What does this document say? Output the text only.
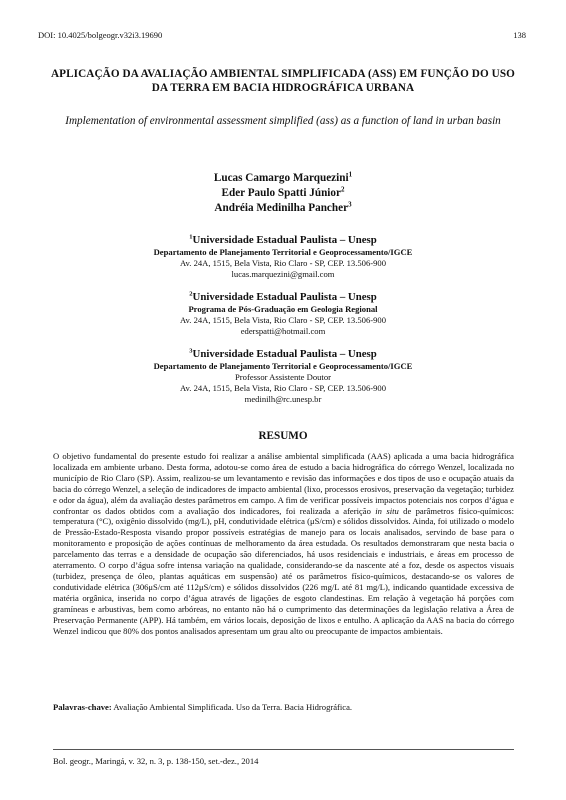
DOI: 10.4025/bolgeogr.v32i3.19690	138
APLICAÇÃO DA AVALIAÇÃO AMBIENTAL SIMPLIFICADA (ASS) EM FUNÇÃO DO USO DA TERRA EM BACIA HIDROGRÁFICA URBANA
Implementation of environmental assessment simplified (ass) as a function of land in urban basin
Lucas Camargo Marquezini$^1$
Eder Paulo Spatti Júnior$^2$
Andréia Medinilha Pancher$^3$
$^1$Universidade Estadual Paulista – Unesp
Departamento de Planejamento Territorial e Geoprocessamento/IGCE
Av. 24A, 1515, Bela Vista, Rio Claro - SP, CEP. 13.506-900
lucas.marquezini@gmail.com
$^2$Universidade Estadual Paulista – Unesp
Programa de Pós-Graduação em Geologia Regional
Av. 24A, 1515, Bela Vista, Rio Claro - SP, CEP. 13.506-900
ederspatti@hotmail.com
$^3$Universidade Estadual Paulista – Unesp
Departamento de Planejamento Territorial e Geoprocessamento/IGCE
Professor Assistente Doutor
Av. 24A, 1515, Bela Vista, Rio Claro - SP, CEP. 13.506-900
medinilh@rc.unesp.br
RESUMO
O objetivo fundamental do presente estudo foi realizar a análise ambiental simplificada (AAS) aplicada a uma bacia hidrográfica localizada em ambiente urbano. Desta forma, adotou-se como área de estudo a bacia hidrográfica do córrego Wenzel, localizada no município de Rio Claro (SP). Assim, realizou-se um levantamento e revisão das informações e dos tipos de uso e ocupação atuais da bacia do córrego Wenzel, a seleção de indicadores de impacto ambiental (lixo, processos erosivos, preservação da vegetação; turbidez e odor da água), além da avaliação destes parâmetros em campo. A fim de verificar possíveis impactos potenciais nos corpos d’água e confrontar os dados obtidos com a avaliação dos indicadores, foi realizada a aferição in situ de parâmetros físico-químicos: temperatura (°C), oxigênio dissolvido (mg/L), pH, condutividade elétrica (μS/cm) e sólidos dissolvidos. Ainda, foi utilizado o modelo de Pressão-Estado-Resposta visando propor possíveis estratégias de manejo para os locais analisados, servindo de base para o monitoramento e proposição de ações contínuas de melhoramento da área estudada. Os resultados demonstraram que nesta bacia o parcelamento das terras e a densidade de ocupação são diferenciados, há usos residenciais e industriais, e áreas em processo de aterramento. O corpo d’água sofre intensa variação na qualidade, considerando-se da nascente até a foz, desde os aspectos visuais (turbidez, presença de óleo, plantas aquáticas em suspensão) até os parâmetros físico-químicos, destacando-se os valores de condutividade elétrica (306μS/cm até 112μS/cm) e sólidos dissolvidos (226 mg/L até 81 mg/L), indicando quantidade excessiva de matéria orgânica, inserida no corpo d’água através de ligações de esgoto clandestinas. Em relação à vegetação há porções com gramíneas e arbustivas, bem como arbóreas, no entanto não há o cumprimento das determinações da legislação relativa a Área de Preservação Permanente (APP). Há também, em vários locais, deposição de lixos e entulho. A aplicação da AAS na bacia do córrego Wenzel indicou que 80% dos pontos analisados apresentam um grau alto ou preocupante de impactos ambientais.
Palavras-chave: Avaliação Ambiental Simplificada. Uso da Terra. Bacia Hidrográfica.
Bol. geogr., Maringá, v. 32, n. 3, p. 138-150, set.-dez., 2014
